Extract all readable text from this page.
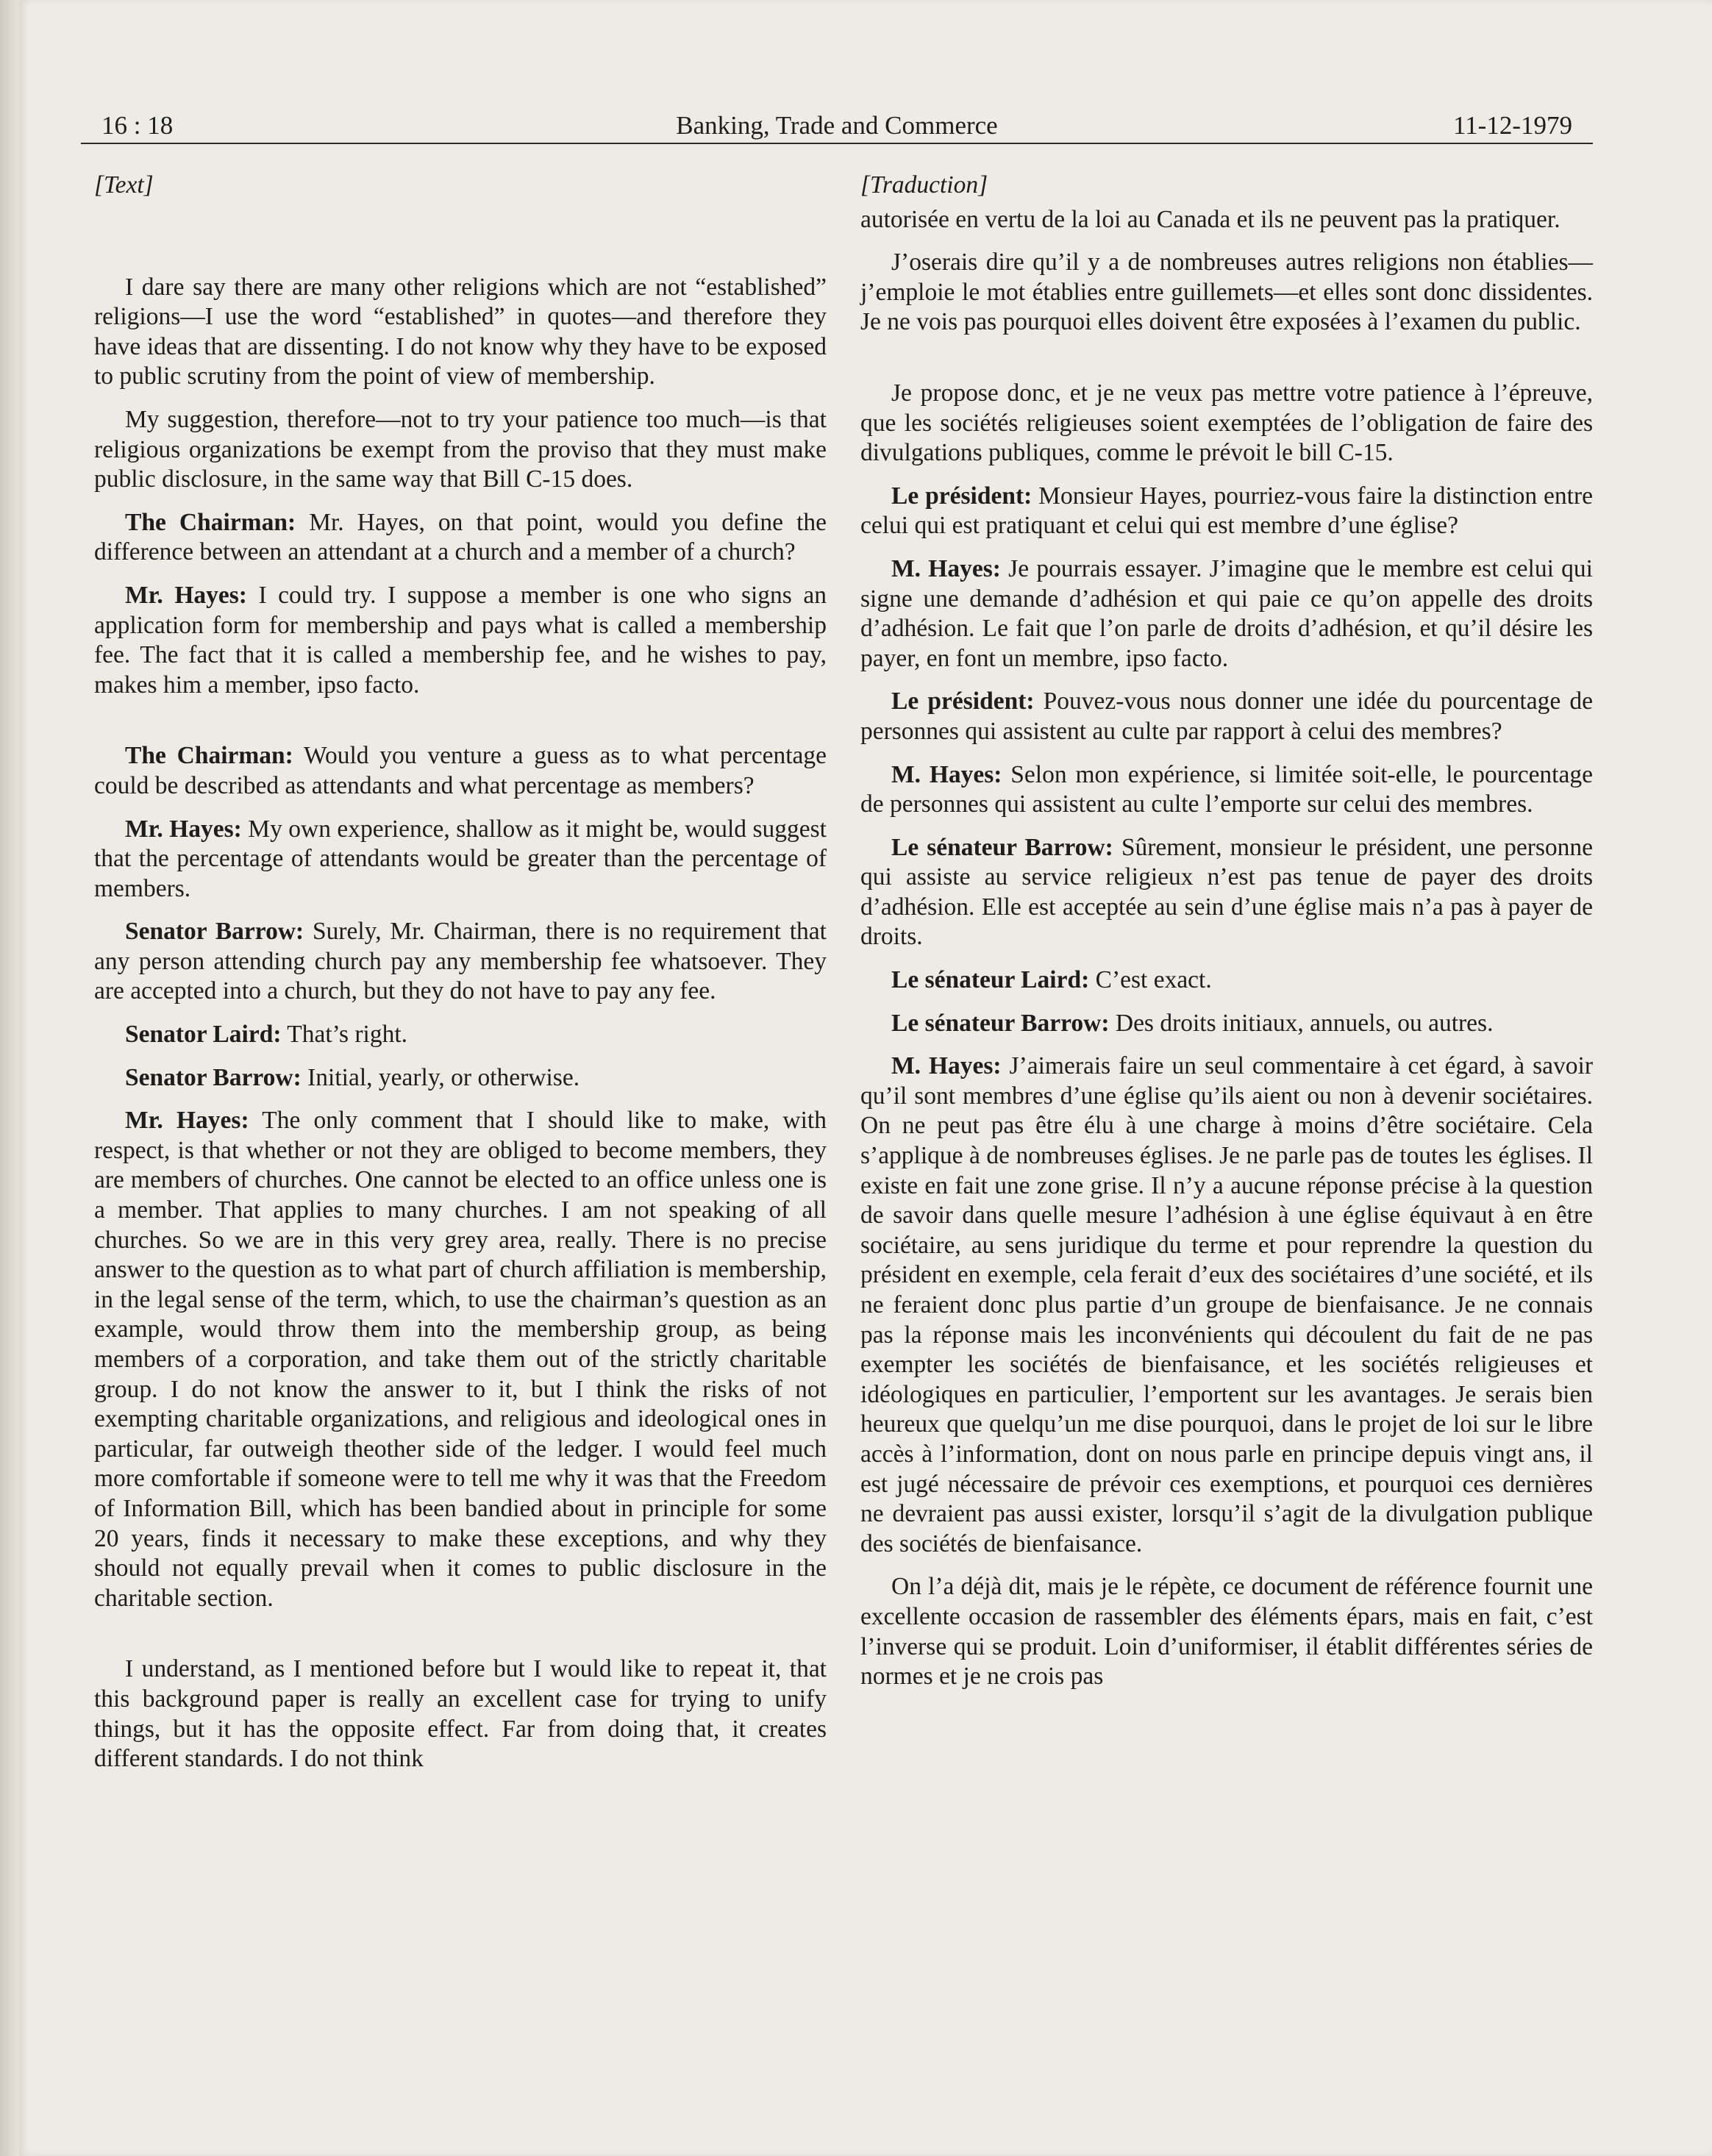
16 : 18	Banking, Trade and Commerce	11-12-1979

[Text]

I dare say there are many other religions which are not “established” religions—I use the word “established” in quotes—and therefore they have ideas that are dissenting. I do not know why they have to be exposed to public scrutiny from the point of view of membership.

My suggestion, therefore—not to try your patience too much—is that religious organizations be exempt from the proviso that they must make public disclosure, in the same way that Bill C-15 does.

The Chairman: Mr. Hayes, on that point, would you define the difference between an attendant at a church and a member of a church?

Mr. Hayes: I could try. I suppose a member is one who signs an application form for membership and pays what is called a membership fee. The fact that it is called a membership fee, and he wishes to pay, makes him a member, ipso facto.

The Chairman: Would you venture a guess as to what percentage could be described as attendants and what percentage as members?

Mr. Hayes: My own experience, shallow as it might be, would suggest that the percentage of attendants would be greater than the percentage of members.

Senator Barrow: Surely, Mr. Chairman, there is no requirement that any person attending church pay any membership fee whatsoever. They are accepted into a church, but they do not have to pay any fee.

Senator Laird: That’s right.

Senator Barrow: Initial, yearly, or otherwise.

Mr. Hayes: The only comment that I should like to make, with respect, is that whether or not they are obliged to become members, they are members of churches. One cannot be elected to an office unless one is a member. That applies to many churches. I am not speaking of all churches. So we are in this very grey area, really. There is no precise answer to the question as to what part of church affiliation is membership, in the legal sense of the term, which, to use the chairman’s question as an example, would throw them into the membership group, as being members of a corporation, and take them out of the strictly charitable group. I do not know the answer to it, but I think the risks of not exempting charitable organizations, and religious and ideological ones in particular, far outweigh theother side of the ledger. I would feel much more comfortable if someone were to tell me why it was that the Freedom of Information Bill, which has been bandied about in principle for some 20 years, finds it necessary to make these exceptions, and why they should not equally prevail when it comes to public disclosure in the charitable section.

I understand, as I mentioned before but I would like to repeat it, that this background paper is really an excellent case for trying to unify things, but it has the opposite effect. Far from doing that, it creates different standards. I do not think

[Traduction]

autorisée en vertu de la loi au Canada et ils ne peuvent pas la pratiquer.

J’oserais dire qu’il y a de nombreuses autres religions non établies—j’emploie le mot établies entre guillemets—et elles sont donc dissidentes. Je ne vois pas pourquoi elles doivent être exposées à l’examen du public.

Je propose donc, et je ne veux pas mettre votre patience à l’épreuve, que les sociétés religieuses soient exemptées de l’obligation de faire des divulgations publiques, comme le prévoit le bill C-15.

Le président: Monsieur Hayes, pourriez-vous faire la distinction entre celui qui est pratiquant et celui qui est membre d’une église?

M. Hayes: Je pourrais essayer. J’imagine que le membre est celui qui signe une demande d’adhésion et qui paie ce qu’on appelle des droits d’adhésion. Le fait que l’on parle de droits d’adhésion, et qu’il désire les payer, en font un membre, ipso facto.

Le président: Pouvez-vous nous donner une idée du pourcentage de personnes qui assistent au culte par rapport à celui des membres?

M. Hayes: Selon mon expérience, si limitée soit-elle, le pourcentage de personnes qui assistent au culte l’emporte sur celui des membres.

Le sénateur Barrow: Sûrement, monsieur le président, une personne qui assiste au service religieux n’est pas tenue de payer des droits d’adhésion. Elle est acceptée au sein d’une église mais n’a pas à payer de droits.

Le sénateur Laird: C’est exact.

Le sénateur Barrow: Des droits initiaux, annuels, ou autres.

M. Hayes: J’aimerais faire un seul commentaire à cet égard, à savoir qu’il sont membres d’une église qu’ils aient ou non à devenir sociétaires. On ne peut pas être élu à une charge à moins d’être sociétaire. Cela s’applique à de nombreuses églises. Je ne parle pas de toutes les églises. Il existe en fait une zone grise. Il n’y a aucune réponse précise à la question de savoir dans quelle mesure l’adhésion à une église équivaut à en être sociétaire, au sens juridique du terme et pour reprendre la question du président en exemple, cela ferait d’eux des sociétaires d’une société, et ils ne feraient donc plus partie d’un groupe de bienfaisance. Je ne connais pas la réponse mais les inconvénients qui découlent du fait de ne pas exempter les sociétés de bienfaisance, et les sociétés religieuses et idéologiques en particulier, l’emportent sur les avantages. Je serais bien heureux que quelqu’un me dise pourquoi, dans le projet de loi sur le libre accès à l’information, dont on nous parle en principe depuis vingt ans, il est jugé nécessaire de prévoir ces exemptions, et pourquoi ces dernières ne devraient pas aussi exister, lorsqu’il s’agit de la divulgation publique des sociétés de bienfaisance.

On l’a déjà dit, mais je le répète, ce document de référence fournit une excellente occasion de rassembler des éléments épars, mais en fait, c’est l’inverse qui se produit. Loin d’uniformiser, il établit différentes séries de normes et je ne crois pas
